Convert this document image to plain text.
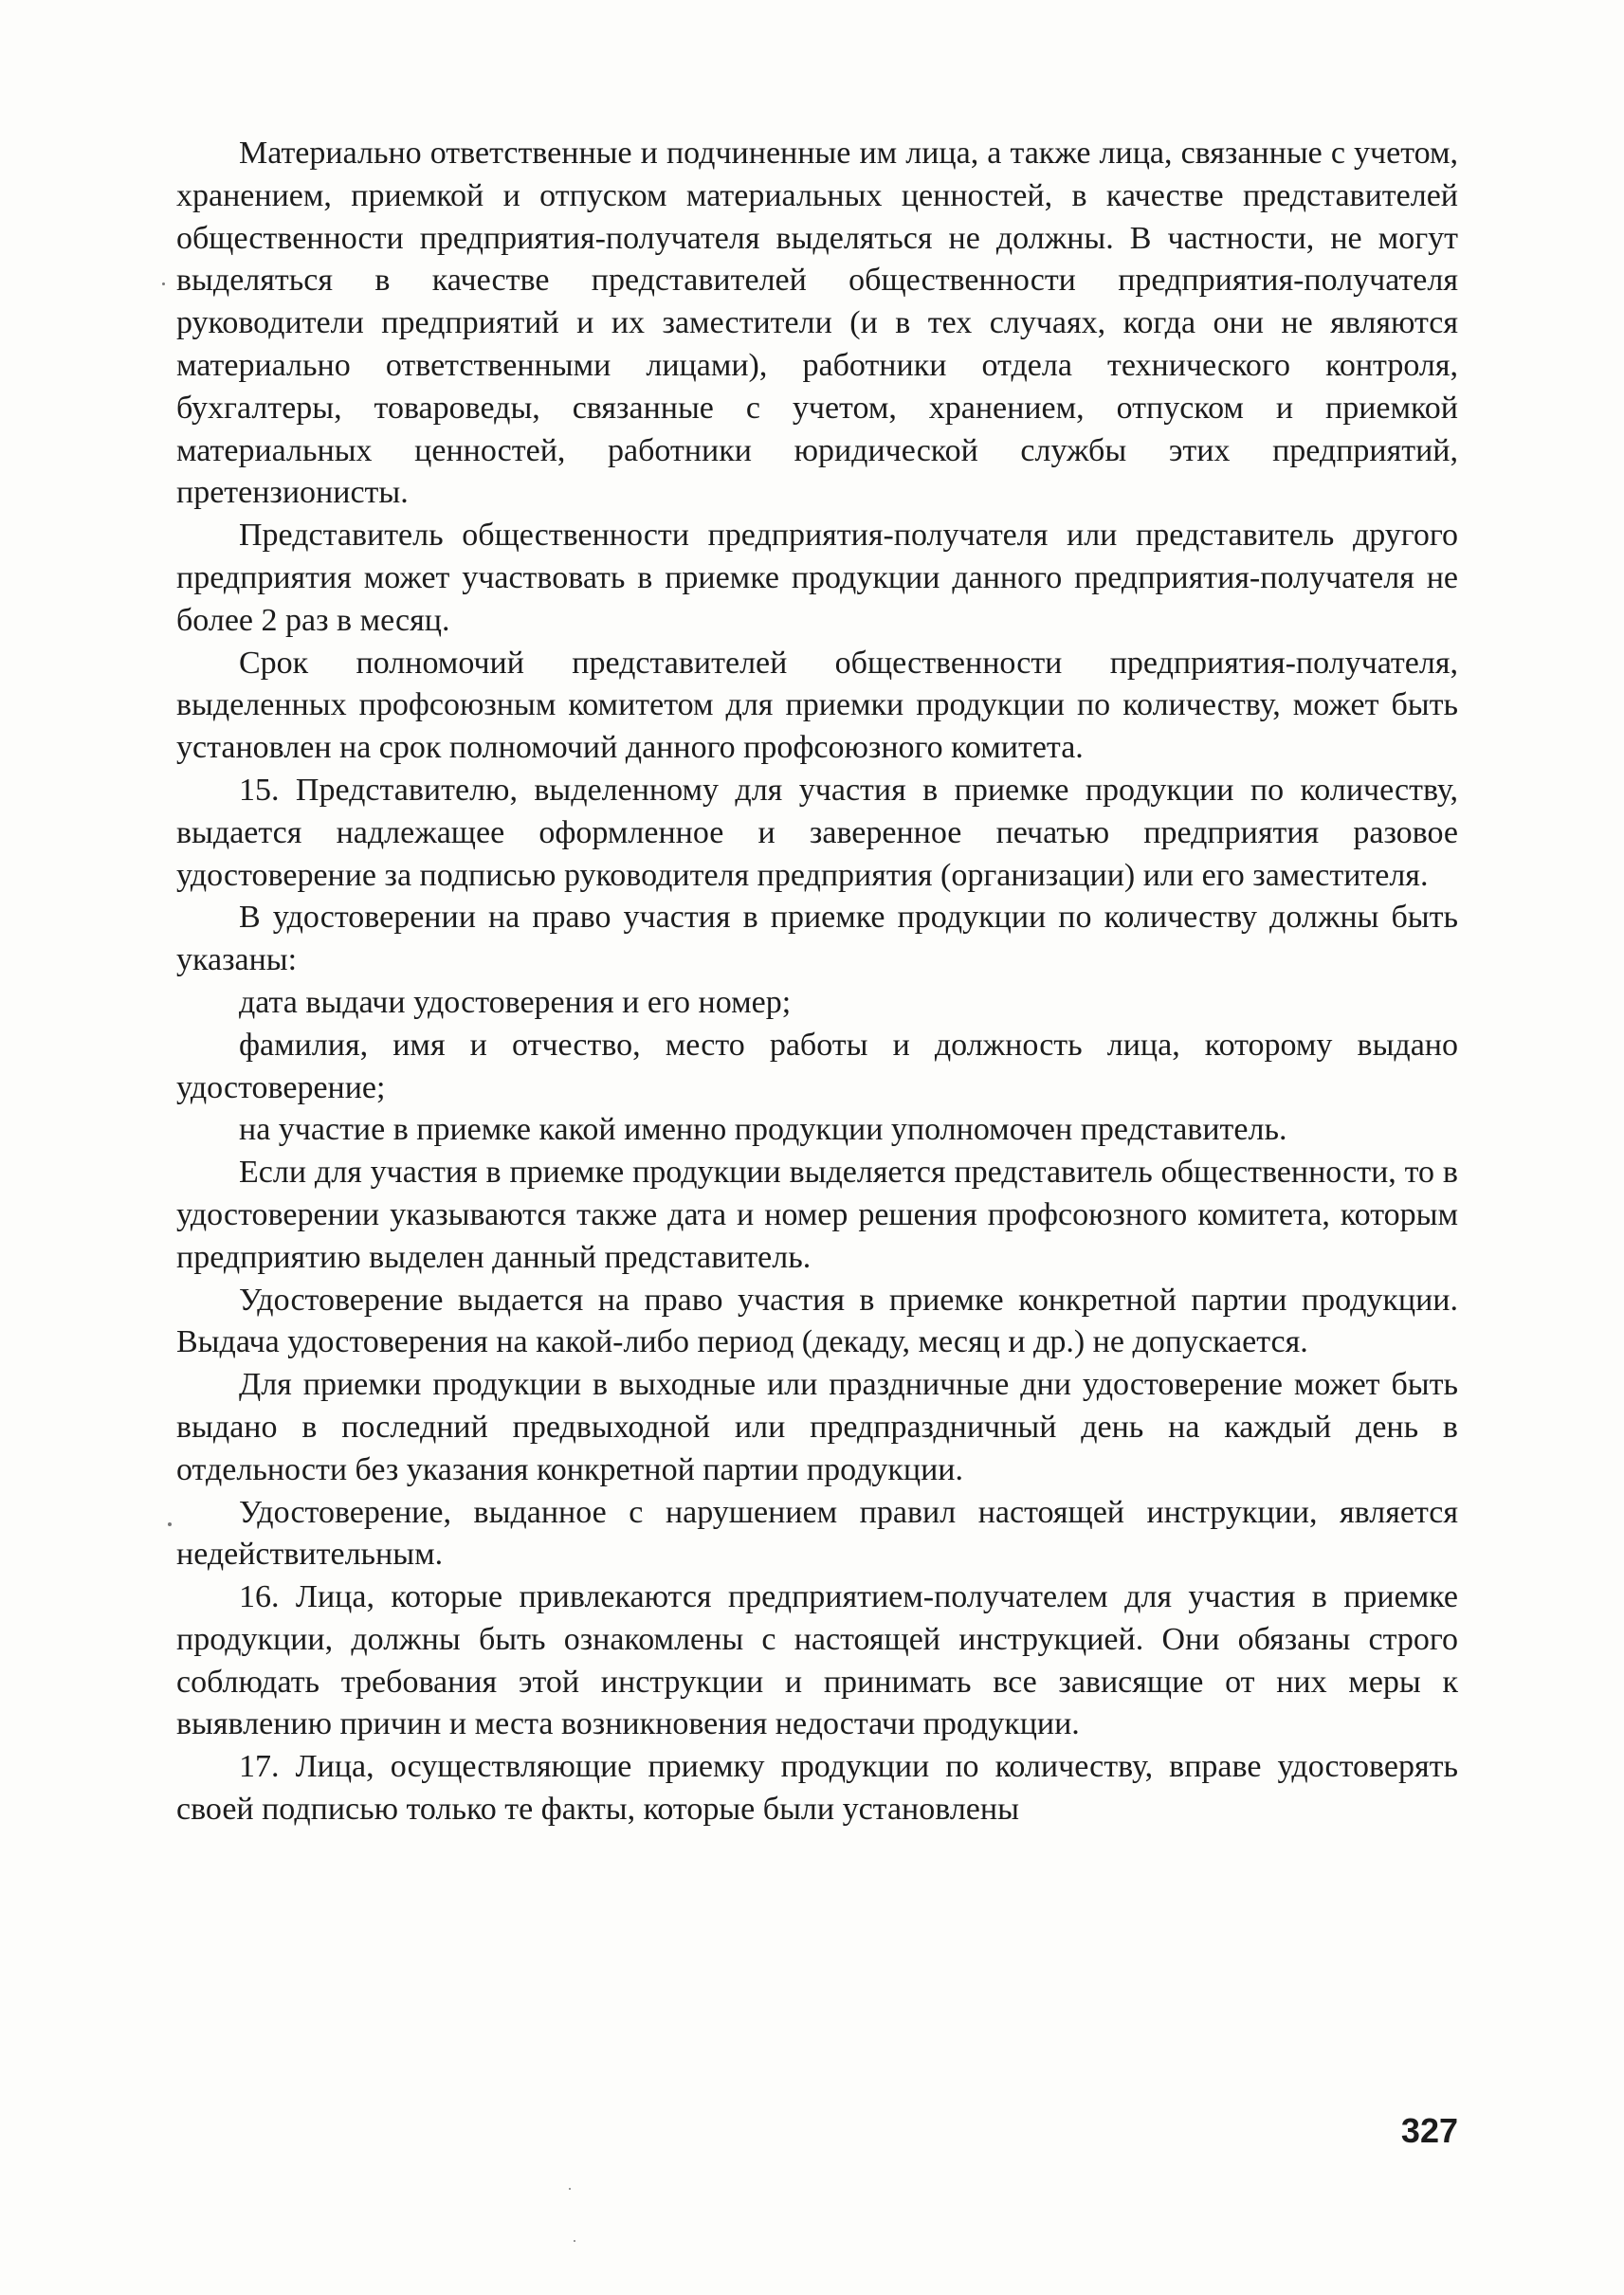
Материально ответственные и подчиненные им лица, а также лица, связанные с учетом, хранением, приемкой и отпуском материальных ценностей, в качестве представителей общественности предприятия-получателя выделяться не должны. В частности, не могут выделяться в качестве представителей общественности предприятия-получателя руководители предприятий и их заместители (и в тех случаях, когда они не являются материально ответственными лицами), работники отдела технического контроля, бухгалтеры, товароведы, связанные с учетом, хранением, отпуском и приемкой материальных ценностей, работники юридической службы этих предприятий, претензионисты.

Представитель общественности предприятия-получателя или представитель другого предприятия может участвовать в приемке продукции данного предприятия-получателя не более 2 раз в месяц.

Срок полномочий представителей общественности предприятия-получателя, выделенных профсоюзным комитетом для приемки продукции по количеству, может быть установлен на срок полномочий данного профсоюзного комитета.

15. Представителю, выделенному для участия в приемке продукции по количеству, выдается надлежащее оформленное и заверенное печатью предприятия разовое удостоверение за подписью руководителя предприятия (организации) или его заместителя.

В удостоверении на право участия в приемке продукции по количеству должны быть указаны:

дата выдачи удостоверения и его номер;

фамилия, имя и отчество, место работы и должность лица, которому выдано удостоверение;

на участие в приемке какой именно продукции уполномочен представитель.

Если для участия в приемке продукции выделяется представитель общественности, то в удостоверении указываются также дата и номер решения профсоюзного комитета, которым предприятию выделен данный представитель.

Удостоверение выдается на право участия в приемке конкретной партии продукции. Выдача удостоверения на какой-либо период (декаду, месяц и др.) не допускается.

Для приемки продукции в выходные или праздничные дни удостоверение может быть выдано в последний предвыходной или предпраздничный день на каждый день в отдельности без указания конкретной партии продукции.

Удостоверение, выданное с нарушением правил настоящей инструкции, является недействительным.

16. Лица, которые привлекаются предприятием-получателем для участия в приемке продукции, должны быть ознакомлены с настоящей инструкцией. Они обязаны строго соблюдать требования этой инструкции и принимать все зависящие от них меры к выявлению причин и места возникновения недостачи продукции.

17. Лица, осуществляющие приемку продукции по количеству, вправе удостоверять своей подписью только те факты, которые были установлены

327
